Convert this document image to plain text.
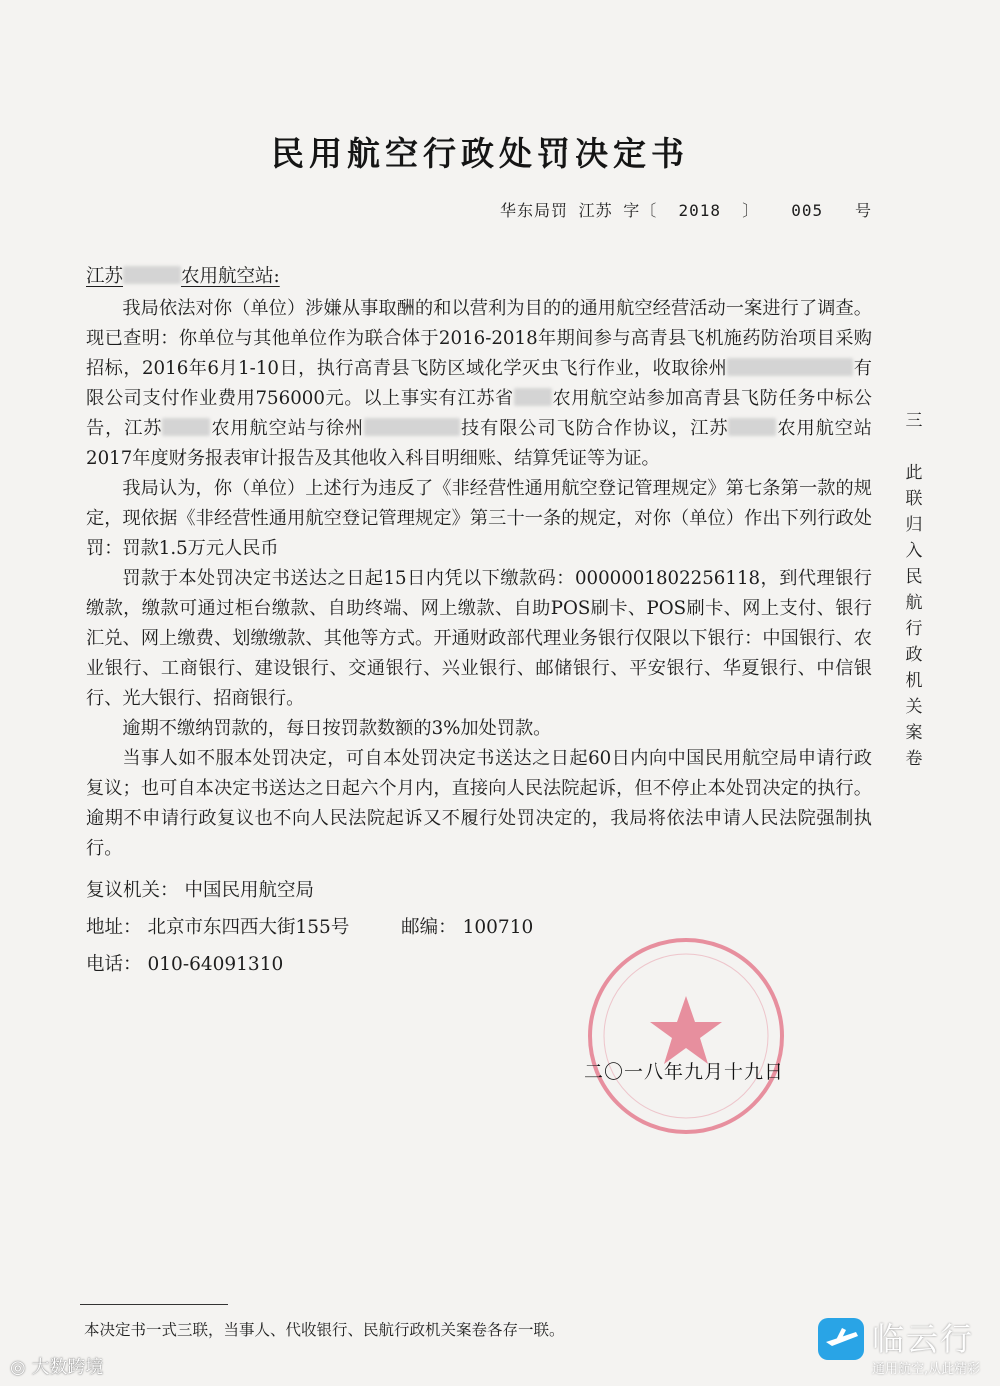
民用航空行政处罚决定书
华东局罚 江苏 字〔  2018  〕   005   号
江苏	农用航空站:

我局依法对你（单位）涉嫌从事取酬的和以营利为目的的通用航空经营活动一案进行了调查。现已查明：你单位与其他单位作为联合体于2016-2018年期间参与高青县飞机施药防治项目采购招标，2016年6月1-10日，执行高青县飞防区域化学灭虫飞行作业，收取徐州	有限公司支付作业费用756000元。以上事实有江苏省 农用航空站参加高青县飞防任务中标公告，江苏	农用航空站与徐州	技有限公司飞防合作协议，江苏	农用航空站2017年度财务报表审计报告及其他收入科目明细账、结算凭证等为证。

我局认为，你（单位）上述行为违反了《非经营性通用航空登记管理规定》第七条第一款的规定，现依据《非经营性通用航空登记管理规定》第三十一条的规定，对你（单位）作出下列行政处罚：罚款1.5万元人民币

罚款于本处罚决定书送达之日起15日内凭以下缴款码：0000001802256118，到代理银行缴款，缴款可通过柜台缴款、自助终端、网上缴款、自助POS刷卡、POS刷卡、网上支付、银行汇兑、网上缴费、划缴缴款、其他等方式。开通财政部代理业务银行仅限以下银行：中国银行、农业银行、工商银行、建设银行、交通银行、兴业银行、邮储银行、平安银行、华夏银行、中信银行、光大银行、招商银行。

逾期不缴纳罚款的，每日按罚款数额的3%加处罚款。

当事人如不服本处罚决定，可自本处罚决定书送达之日起60日内向中国民用航空局申请行政复议；也可自本决定书送达之日起六个月内，直接向人民法院起诉，但不停止本处罚决定的执行。逾期不申请行政复议也不向人民法院起诉又不履行处罚决定的，我局将依法申请人民法院强制执行。

复议机关： 中国民用航空局
地址： 北京市东四西大街155号	邮编： 100710
电话： 010-64091310
三

此
联
归
入
民
航
行
政
机
关
案
卷
二〇一八年九月十九日
本决定书一式三联，当事人、代收银行、民航行政机关案卷各存一联。
◎ 大数跨境
临云行
通用航空,从此精彩
